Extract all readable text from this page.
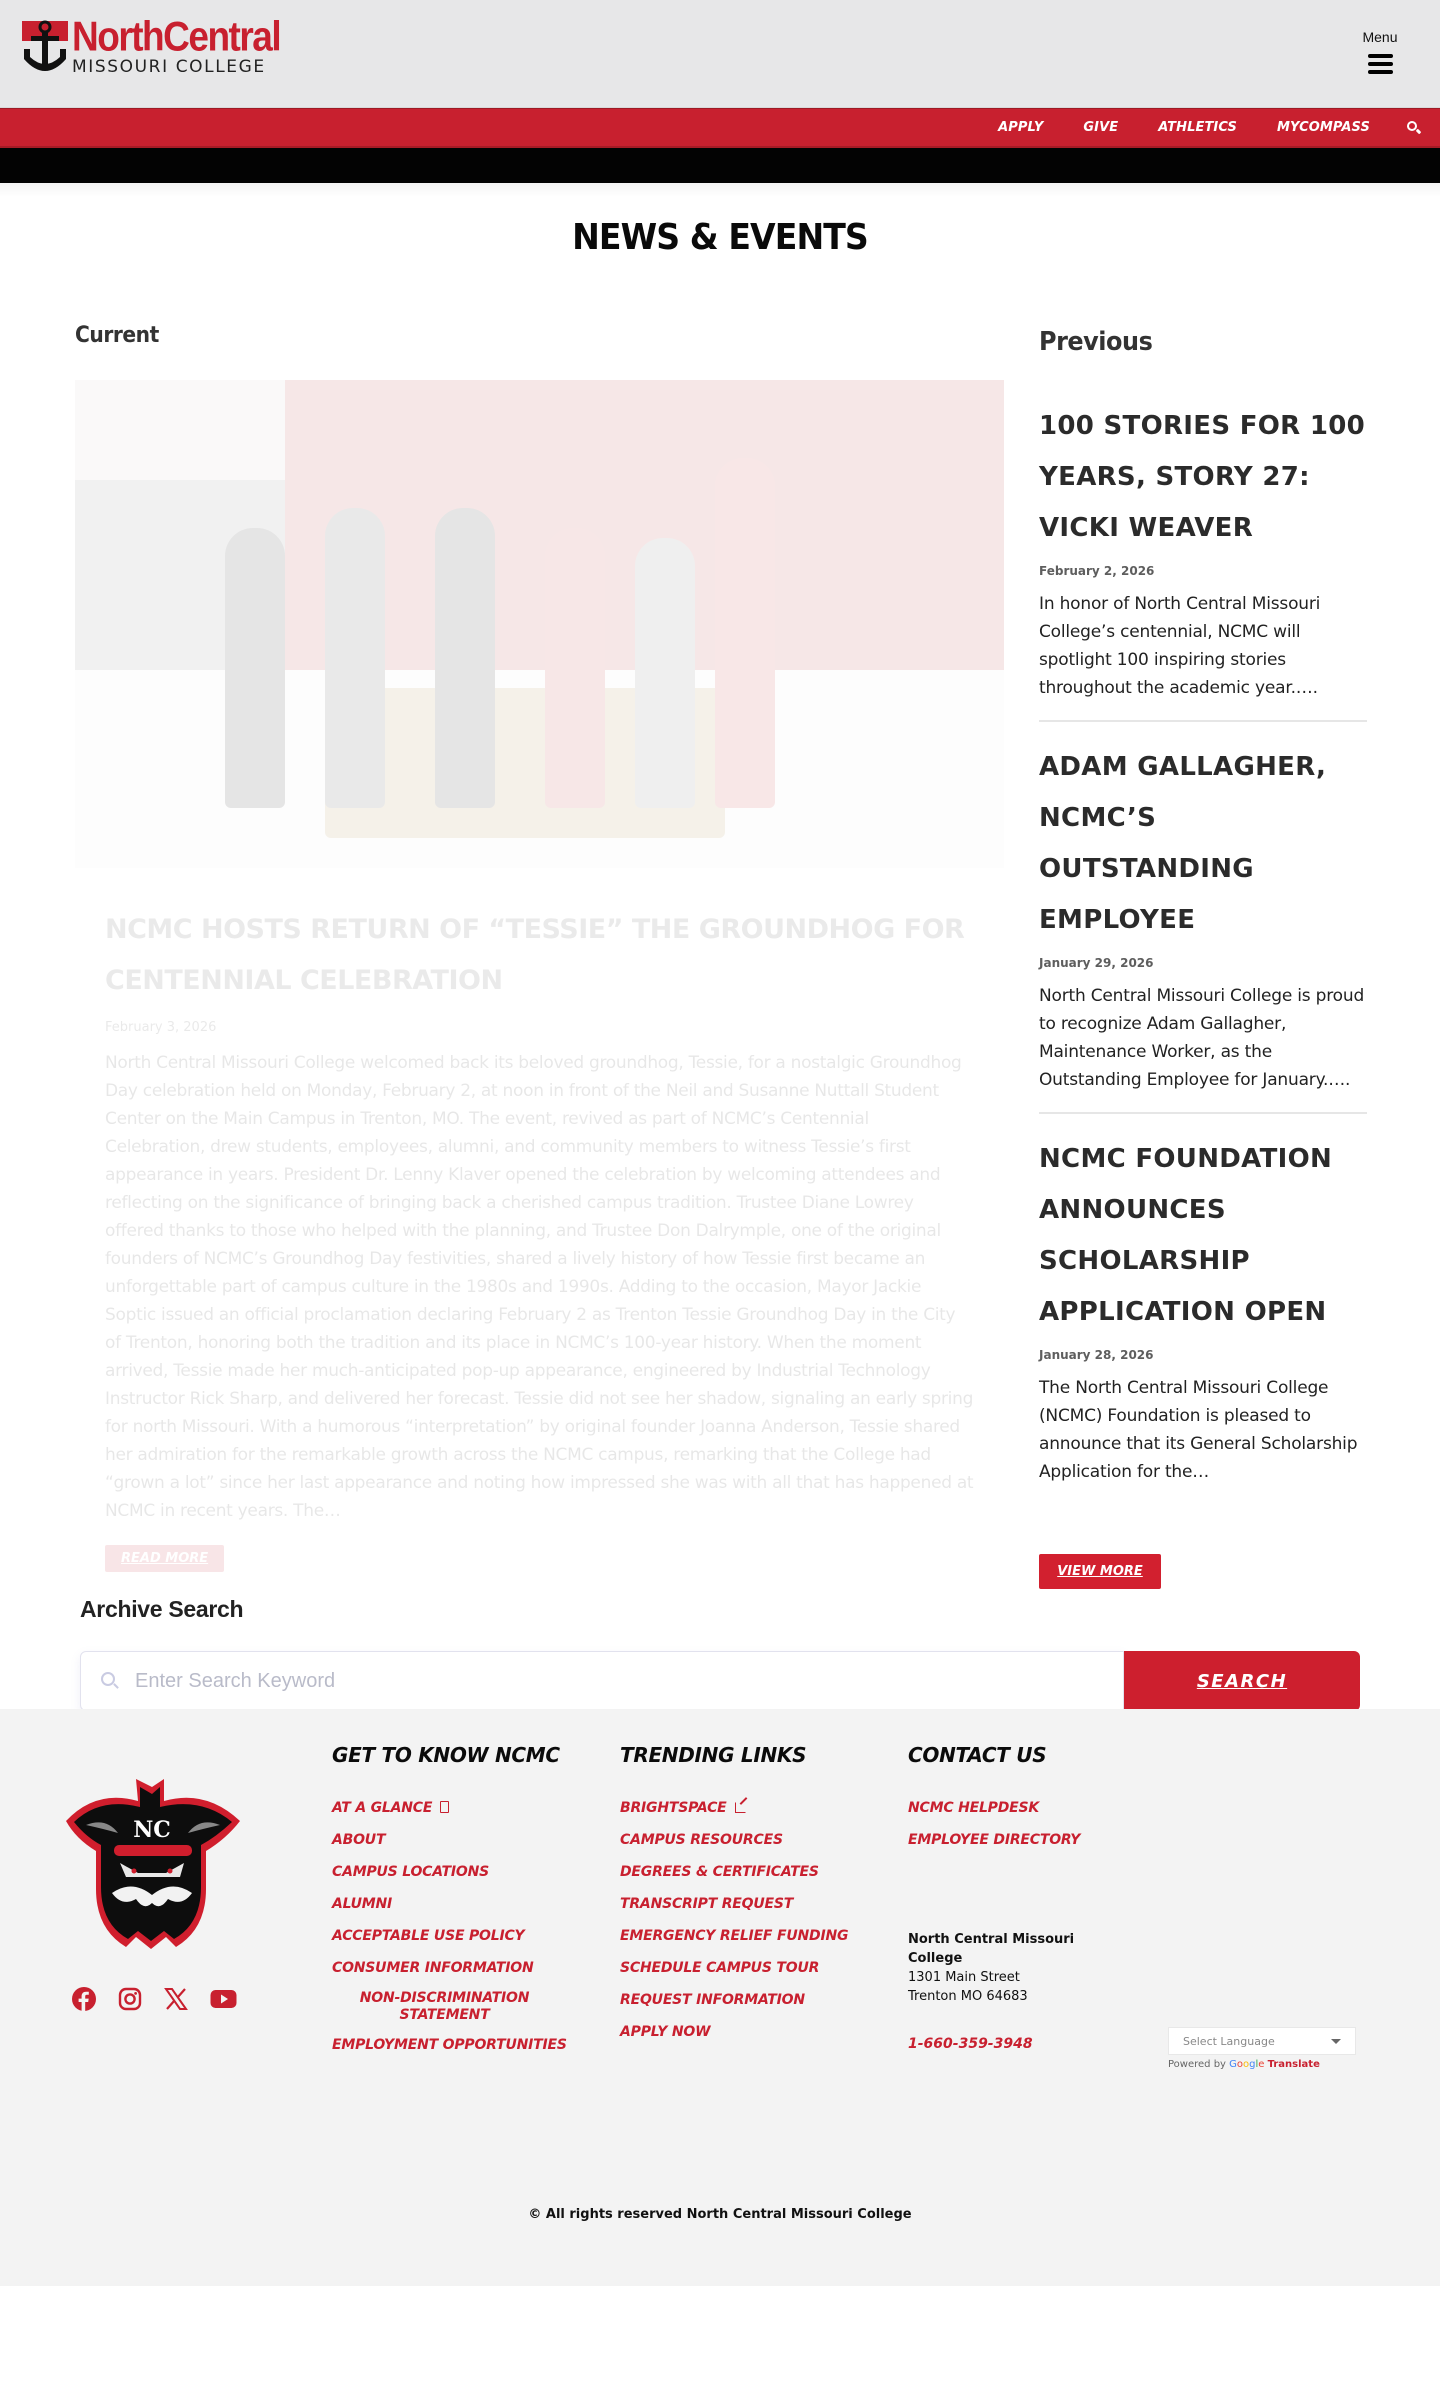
NorthCentral
MISSOURI COLLEGE
Menu
APPLY	GIVE	ATHLETICS	MYCOMPASS
NEWS & EVENTS
Current
NCMC HOSTS RETURN OF “TESSIE” THE GROUNDHOG FOR CENTENNIAL CELEBRATION
February 3, 2026

North Central Missouri College welcomed back its beloved groundhog, Tessie, for a nostalgic Groundhog Day celebration held on Monday, February 2, at noon in front of the Neil and Susanne Nuttall Student Center on the Main Campus in Trenton, MO. The event, revived as part of NCMC’s Centennial Celebration, drew students, employees, alumni, and community members to witness Tessie’s first appearance in years. President Dr. Lenny Klaver opened the celebration by welcoming attendees and reflecting on the significance of bringing back a cherished campus tradition. Trustee Diane Lowrey offered thanks to those who helped with the planning, and Trustee Don Dalrymple, one of the original founders of NCMC’s Groundhog Day festivities, shared a lively history of how Tessie first became an unforgettable part of campus culture in the 1980s and 1990s. Adding to the occasion, Mayor Jackie Soptic issued an official proclamation declaring February 2 as Trenton Tessie Groundhog Day in the City of Trenton, honoring both the tradition and its place in NCMC’s 100-year history. When the moment arrived, Tessie made her much-anticipated pop-up appearance, engineered by Industrial Technology Instructor Rick Sharp, and delivered her forecast. Tessie did not see her shadow, signaling an early spring for north Missouri. With a humorous “interpretation” by original founder Joanna Anderson, Tessie shared her admiration for the remarkable growth across the NCMC campus, remarking that the College had “grown a lot” since her last appearance and noting how impressed she was with all that has happened at NCMC in recent years. The…

READ MORE
Previous
100 STORIES FOR 100 YEARS, STORY 27: VICKI WEAVER
February 2, 2026

In honor of North Central Missouri College’s centennial, NCMC will spotlight 100 inspiring stories throughout the academic year.….

ADAM GALLAGHER, NCMC’S OUTSTANDING EMPLOYEE
January 29, 2026

North Central Missouri College is proud to recognize Adam Gallagher, Maintenance Worker, as the Outstanding Employee for January.….

NCMC FOUNDATION ANNOUNCES SCHOLARSHIP APPLICATION OPEN
January 28, 2026

The North Central Missouri College (NCMC) Foundation is pleased to announce that its General Scholarship Application for the…

VIEW MORE
Archive Search
Enter Search Keyword
SEARCH
NC
GET TO KNOW NCMC
AT A GLANCE
ABOUT
CAMPUS LOCATIONS
ALUMNI
ACCEPTABLE USE POLICY
CONSUMER INFORMATION
NON-DISCRIMINATION STATEMENT
EMPLOYMENT OPPORTUNITIES
TRENDING LINKS
BRIGHTSPACE
CAMPUS RESOURCES
DEGREES & CERTIFICATES
TRANSCRIPT REQUEST
EMERGENCY RELIEF FUNDING
SCHEDULE CAMPUS TOUR
REQUEST INFORMATION
APPLY NOW
CONTACT US
NCMC HELPDESK
EMPLOYEE DIRECTORY
North Central Missouri College
1301 Main Street
Trenton MO 64683
1-660-359-3948	Select Language
Powered by Google Translate
© All rights reserved North Central Missouri College
